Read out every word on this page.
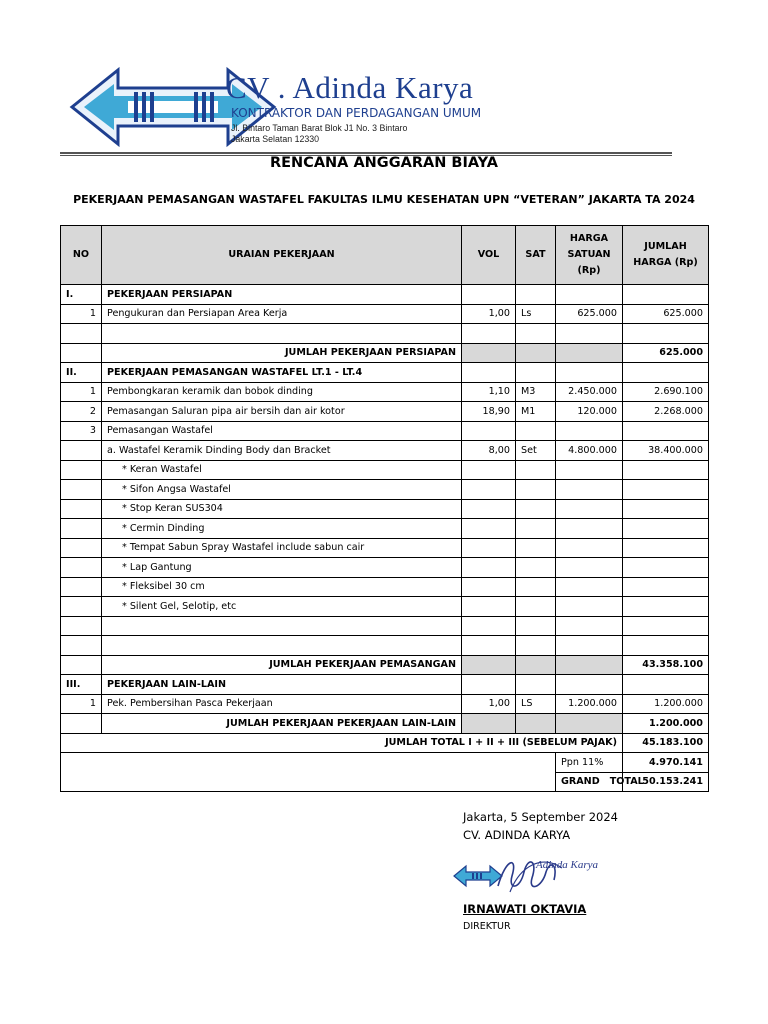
CV . Adinda Karya
KONTRAKTOR DAN PERDAGANGAN UMUM
Jl. Bintaro Taman Barat Blok J1 No. 3 Bintaro
Jakarta Selatan 12330
RENCANA ANGGARAN BIAYA
PEKERJAAN PEMASANGAN WASTAFEL FAKULTAS ILMU KESEHATAN UPN “VETERAN” JAKARTA TA 2024
NO	URAIAN PEKERJAAN	VOL	SAT	HARGA SATUAN (Rp)	JUMLAH HARGA (Rp)
I.	PEKERJAAN PERSIAPAN				
1	Pengukuran dan Persiapan Area Kerja	1,00	Ls	625.000	625.000

	JUMLAH PEKERJAAN PERSIAPAN				625.000
II.	PEKERJAAN PEMASANGAN WASTAFEL LT.1 - LT.4				
1	Pembongkaran keramik dan bobok dinding	1,10	M3	2.450.000	2.690.100
2	Pemasangan Saluran pipa air bersih dan air kotor	18,90	M1	120.000	2.268.000
3	Pemasangan Wastafel				
	a. Wastafel Keramik Dinding Body dan Bracket	8,00	Set	4.800.000	38.400.000
	* Keran Wastafel				
	* Sifon Angsa Wastafel				
	* Stop Keran SUS304				
	* Cermin Dinding				
	* Tempat Sabun Spray Wastafel include sabun cair				
	* Lap Gantung				
	* Fleksibel 30 cm				
	* Silent Gel, Selotip, etc				

	JUMLAH PEKERJAAN PEMASANGAN				43.358.100
III.	PEKERJAAN LAIN-LAIN				
1	Pek. Pembersihan Pasca Pekerjaan	1,00	LS	1.200.000	1.200.000
	JUMLAH PEKERJAAN PEKERJAAN LAIN-LAIN				1.200.000
JUMLAH TOTAL I + II + III (SEBELUM PAJAK)					45.183.100
				Ppn 11%	4.970.141
				GRAND   TOTAL	50.153.241
Jakarta, 5 September 2024
CV. ADINDA KARYA
Adinda Karya
IRNAWATI OKTAVIA
DIREKTUR
